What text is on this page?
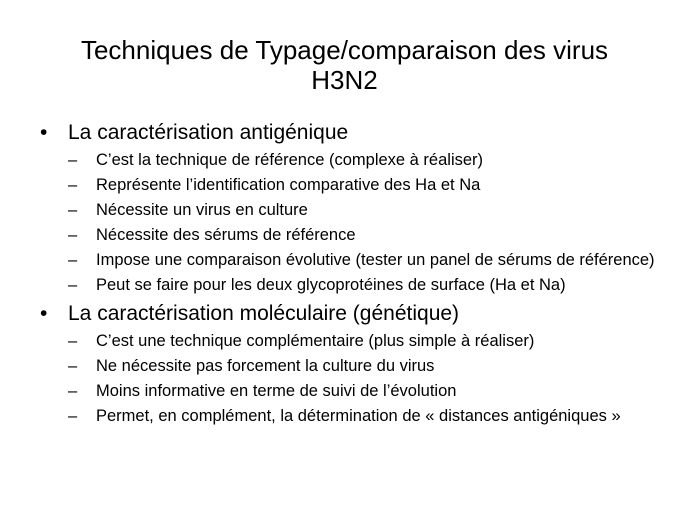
Techniques de Typage/comparaison des virus
H3N2
• La caractérisation antigénique
– C’est la technique de référence (complexe à réaliser)
– Représente l’identification comparative des Ha et Na
– Nécessite un virus en culture
– Nécessite des sérums de référence
– Impose une comparaison évolutive (tester un panel de sérums de référence)
– Peut se faire pour les deux glycoprotéines de surface (Ha et Na)
• La caractérisation moléculaire (génétique)
– C’est une technique complémentaire (plus simple à réaliser)
– Ne nécessite pas forcement la culture du virus
– Moins informative en terme de suivi de l’évolution
– Permet, en complément, la détermination de « distances antigéniques »
